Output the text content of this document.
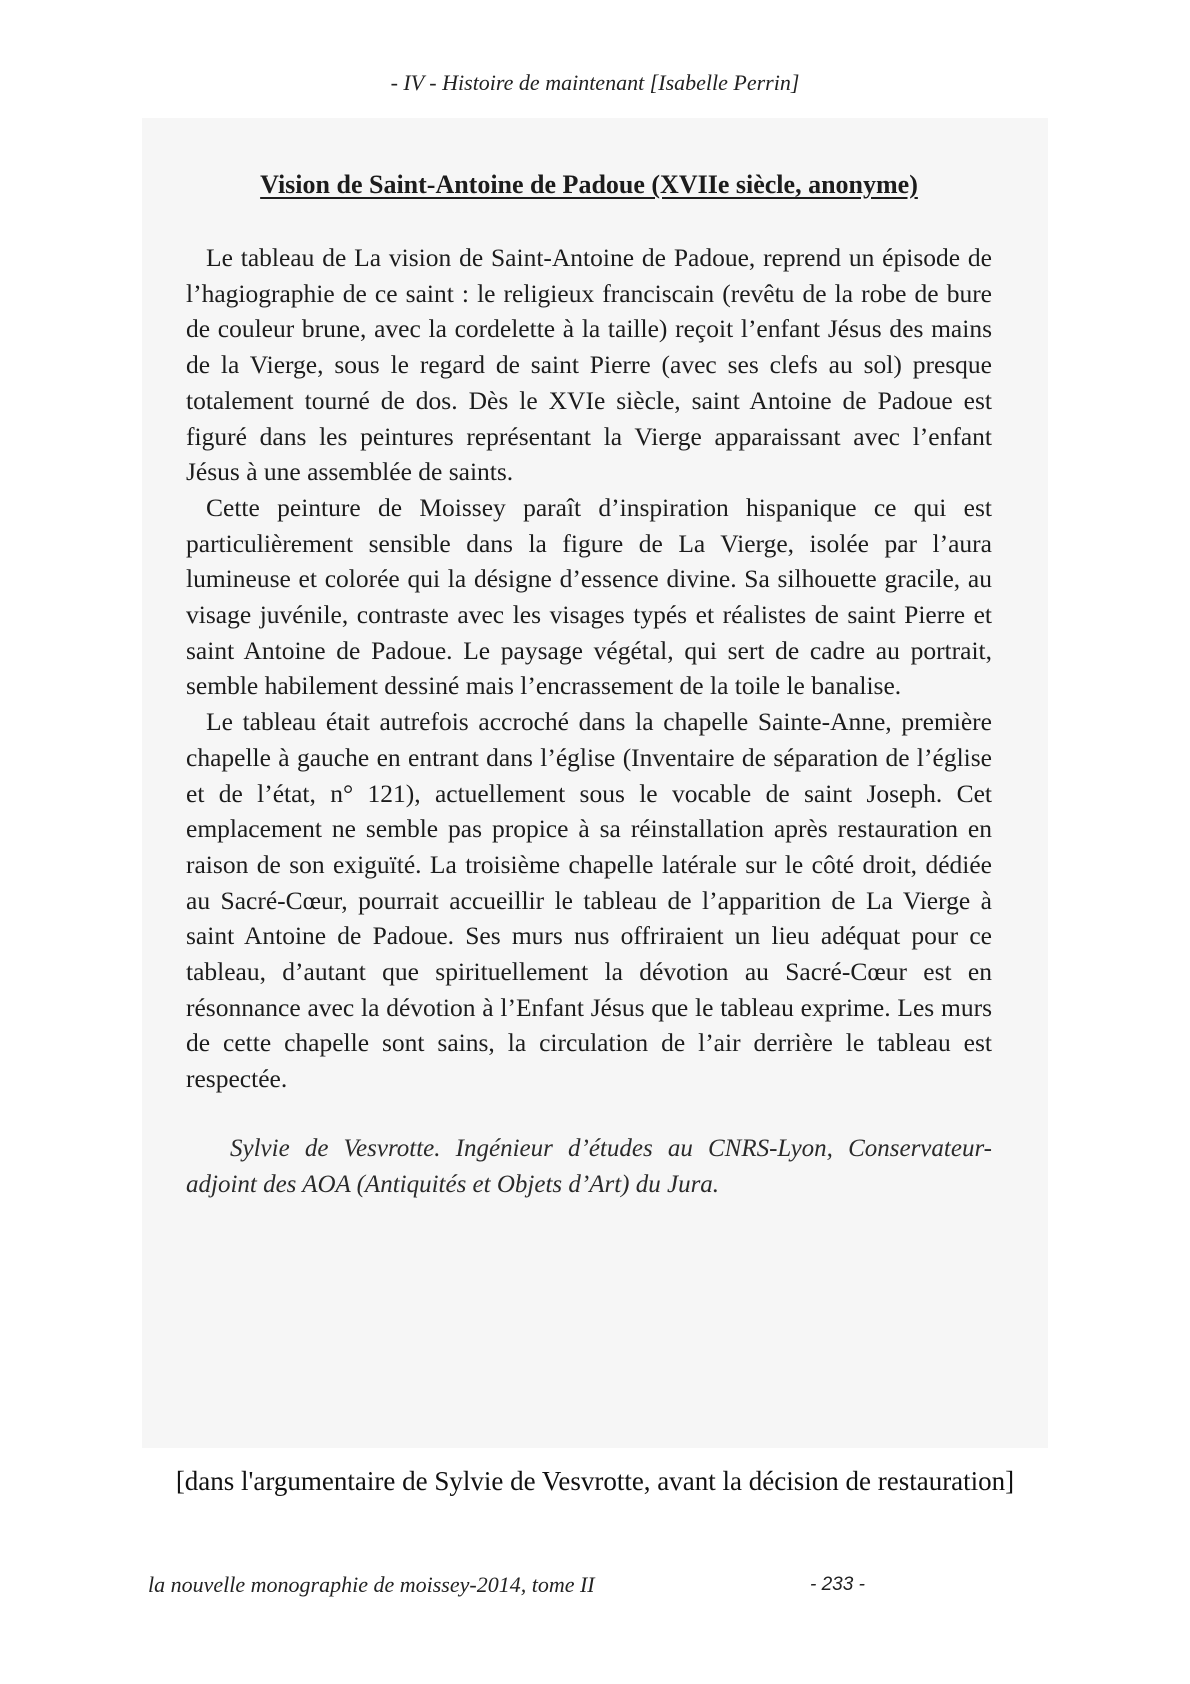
- IV - Histoire de maintenant [Isabelle Perrin]
Vision de Saint-Antoine de Padoue (XVIIe siècle, anonyme)

Le tableau de La vision de Saint-Antoine de Padoue, reprend un épisode de l’hagiographie de ce saint : le religieux franciscain (revêtu de la robe de bure de couleur brune, avec la cordelette à la taille) reçoit l’enfant Jésus des mains de la Vierge, sous le regard de saint Pierre (avec ses clefs au sol) presque totalement tourné de dos. Dès le XVIe siècle, saint Antoine de Padoue est figuré dans les peintures représentant la Vierge apparaissant avec l’enfant Jésus à une assemblée de saints.

Cette peinture de Moissey paraît d’inspiration hispanique ce qui est particulièrement sensible dans la figure de La Vierge, isolée par l’aura lumineuse et colorée qui la désigne d’essence divine. Sa silhouette gracile, au visage juvénile, contraste avec les visages typés et réalistes de saint Pierre et saint Antoine de Padoue. Le paysage végétal, qui sert de cadre au portrait, semble habilement dessiné mais l’encrassement de la toile le banalise.

Le tableau était autrefois accroché dans la chapelle Sainte-Anne, première chapelle à gauche en entrant dans l’église (Inventaire de séparation de l’église et de l’état, n° 121), actuellement sous le vocable de saint Joseph. Cet emplacement ne semble pas propice à sa réinstallation après restauration en raison de son exiguïté. La troisième chapelle latérale sur le côté droit, dédiée au Sacré-Cœur, pourrait accueillir le tableau de l’apparition de La Vierge à saint Antoine de Padoue. Ses murs nus offriraient un lieu adéquat pour ce tableau, d’autant que spirituellement la dévotion au Sacré-Cœur est en résonnance avec la dévotion à l’Enfant Jésus que le tableau exprime. Les murs de cette chapelle sont sains, la circulation de l’air derrière le tableau est respectée.

Sylvie de Vesvrotte. Ingénieur d’études au CNRS-Lyon, Conservateur-adjoint des AOA (Antiquités et Objets d’Art) du Jura.

[dans l'argumentaire de Sylvie de Vesvrotte, avant la décision de restauration]
la nouvelle monographie de moissey-2014, tome II	- 233 -
